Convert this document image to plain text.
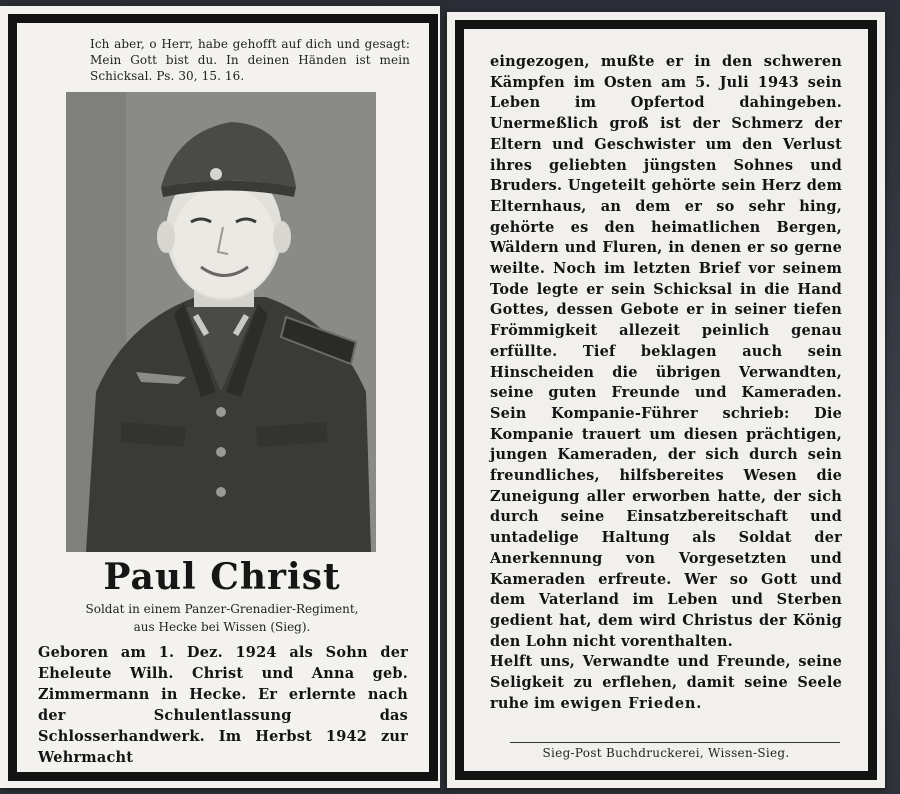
Ich aber, o Herr, habe gehofft auf dich und gesagt: Mein Gott bist du. In deinen Händen ist mein Schicksal. Ps. 30, 15. 16.

Paul Christ
Soldat in einem Panzer-Grenadier-Regiment,
aus Hecke bei Wissen (Sieg).

Geboren am 1. Dez. 1924 als Sohn der Eheleute Wilh. Christ und Anna geb. Zimmermann in Hecke. Er erlernte nach der Schulentlassung das Schlosserhandwerk. Im Herbst 1942 zur Wehrmacht

eingezogen, mußte er in den schweren Kämpfen im Osten am 5. Juli 1943 sein Leben im Opfertod dahingeben. Unermeßlich groß ist der Schmerz der Eltern und Geschwister um den Verlust ihres geliebten jüngsten Sohnes und Bruders. Ungeteilt gehörte sein Herz dem Elternhaus, an dem er so sehr hing, gehörte es den heimatlichen Bergen, Wäldern und Fluren, in denen er so gerne weilte. Noch im letzten Brief vor seinem Tode legte er sein Schicksal in die Hand Gottes, dessen Gebote er in seiner tiefen Frömmigkeit allezeit peinlich genau erfüllte. Tief beklagen auch sein Hinscheiden die übrigen Verwandten, seine guten Freunde und Kameraden. Sein Kompanie-Führer schrieb: Die Kompanie trauert um diesen prächtigen, jungen Kameraden, der sich durch sein freundliches, hilfsbereites Wesen die Zuneigung aller erworben hatte, der sich durch seine Einsatzbereitschaft und untadelige Haltung als Soldat der Anerkennung von Vorgesetzten und Kameraden erfreute. Wer so Gott und dem Vaterland im Leben und Sterben gedient hat, dem wird Christus der König den Lohn nicht vorenthalten.

Helft uns, Verwandte und Freunde, seine Seligkeit zu erflehen, damit seine Seele ruhe im ewigen Frieden.

Sieg-Post Buchdruckerei, Wissen-Sieg.
